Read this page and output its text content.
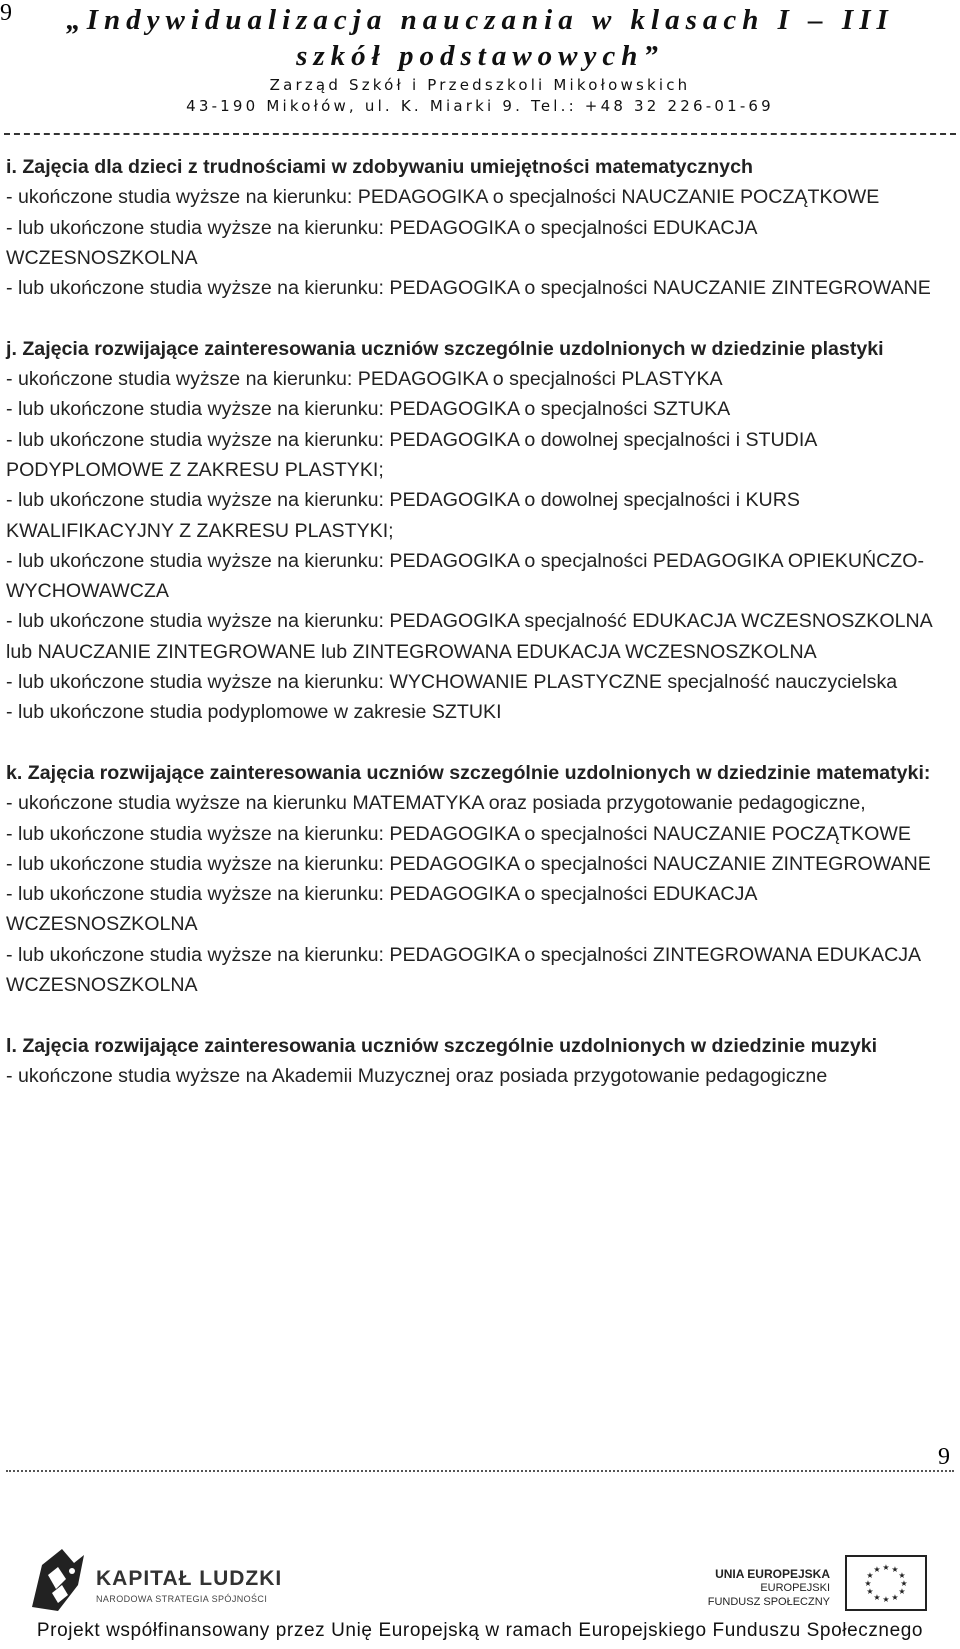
9	„Indywidualizacja nauczania w klasach I – III
szkół podstawowych”
Zarząd Szkół i Przedszkoli Mikołowskich
43-190 Mikołów, ul. K. Miarki 9. Tel.: +48 32 226-01-69
i. Zajęcia dla dzieci z trudnościami w zdobywaniu umiejętności matematycznych
- ukończone studia wyższe na kierunku: PEDAGOGIKA o specjalności NAUCZANIE POCZĄTKOWE
- lub ukończone studia wyższe na kierunku: PEDAGOGIKA o specjalności EDUKACJA WCZESNOSZKOLNA
- lub ukończone studia wyższe na kierunku: PEDAGOGIKA o specjalności NAUCZANIE ZINTEGROWANE
j. Zajęcia rozwijające zainteresowania uczniów szczególnie uzdolnionych w dziedzinie plastyki
- ukończone studia wyższe na kierunku: PEDAGOGIKA o specjalności PLASTYKA
- lub ukończone studia wyższe na kierunku: PEDAGOGIKA o specjalności SZTUKA
- lub ukończone studia wyższe na kierunku: PEDAGOGIKA o dowolnej specjalności i STUDIA PODYPLOMOWE Z ZAKRESU PLASTYKI;
- lub ukończone studia wyższe na kierunku: PEDAGOGIKA o dowolnej specjalności i KURS KWALIFIKACYJNY Z ZAKRESU PLASTYKI;
- lub ukończone studia wyższe na kierunku: PEDAGOGIKA o specjalności PEDAGOGIKA OPIEKUŃCZO-WYCHOWAWCZA
- lub ukończone studia wyższe na kierunku: PEDAGOGIKA specjalność EDUKACJA WCZESNOSZKOLNA lub NAUCZANIE ZINTEGROWANE lub ZINTEGROWANA EDUKACJA WCZESNOSZKOLNA
- lub ukończone studia wyższe na kierunku: WYCHOWANIE PLASTYCZNE specjalność nauczycielska
- lub ukończone studia podyplomowe w zakresie SZTUKI
k. Zajęcia rozwijające zainteresowania uczniów szczególnie uzdolnionych w dziedzinie matematyki:
- ukończone studia wyższe na kierunku MATEMATYKA oraz posiada przygotowanie pedagogiczne,
- lub ukończone studia wyższe na kierunku: PEDAGOGIKA o specjalności NAUCZANIE POCZĄTKOWE
- lub ukończone studia wyższe na kierunku: PEDAGOGIKA o specjalności NAUCZANIE ZINTEGROWANE
- lub ukończone studia wyższe na kierunku: PEDAGOGIKA o specjalności EDUKACJA WCZESNOSZKOLNA
- lub ukończone studia wyższe na kierunku: PEDAGOGIKA o specjalności ZINTEGROWANA EDUKACJA WCZESNOSZKOLNA
l. Zajęcia rozwijające zainteresowania uczniów szczególnie uzdolnionych w dziedzinie muzyki
- ukończone studia wyższe na Akademii Muzycznej oraz posiada przygotowanie pedagogiczne
9
KAPITAŁ LUDZKI
NARODOWA STRATEGIA SPÓJNOŚCI
UNIA EUROPEJSKA
EUROPEJSKI
FUNDUSZ SPOŁECZNY
★ ★
★
★
★
★
★
★
★
★
★
★
Projekt współfinansowany przez Unię Europejską w ramach Europejskiego Funduszu Społecznego
